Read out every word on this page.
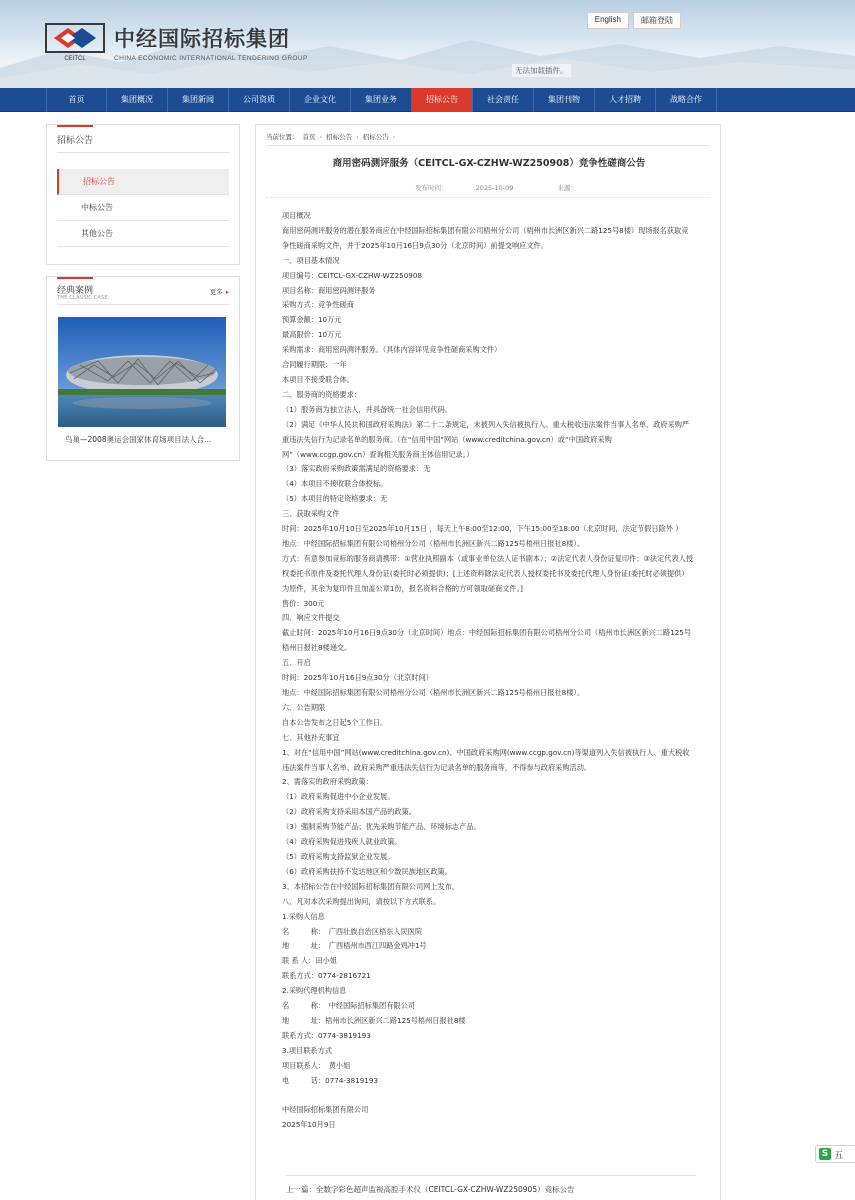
CEITCL
中经国际招标集团
CHINA ECONOMIC INTERNATIONAL TENDERING GROUP
English	邮箱登陆
无法加载插件。
首页	集团概况	集团新闻	公司资质	企业文化	集团业务	招标公告	社会责任	集团刊物	人才招聘	战略合作
招标公告
招标公告
中标公告
其他公告
经典案例
THE CLASSIC CASE
更多 ▸
鸟巢—2008奥运会国家体育场项目法人合...
当前位置： 首页 › 招标公告 › 招标公告 ›
商用密码测评服务（CEITCL-GX-CZHW-WZ250908）竞争性磋商公告
发布时间：	2025-10-09	来源：
项目概况
商用密码测评服务的潜在服务商应在中经国际招标集团有限公司梧州分公司（梧州市长洲区新兴二路125号8楼）现场报名获取竞争性磋商采购文件，并于2025年10月16日9点30分（北京时间）前提交响应文件。
一、项目基本情况
项目编号：CEITCL-GX-CZHW-WZ250908
项目名称：商用密码测评服务
采购方式：竞争性磋商
预算金额：10万元
最高限价：10万元
采购需求：商用密码测评服务。（具体内容详见竞争性磋商采购文件）
合同履行期限：一年
本项目不接受联合体。
二、服务商的资格要求：
（1）服务商为独立法人，并具备统一社会信用代码。
（2）满足《中华人民共和国政府采购法》第二十二条规定，未被列入失信被执行人、重大税收违法案件当事人名单、政府采购严重违法失信行为记录名单的服务商。（在“信用中国”网站（www.creditchina.gov.cn）或“中国政府采购网”（www.ccgp.gov.cn）查询相关服务商主体信用记录。）
（3）落实政府采购政策需满足的资格要求：无
（4）本项目不接收联合体投标。
（5）本项目的特定资格要求：无
三、获取采购文件
时间：2025年10月10日至2025年10月15日 ，每天上午8:00至12:00，下午15:00至18:00（北京时间，法定节假日除外 ）
地点：中经国际招标集团有限公司梧州分公司（梧州市长洲区新兴二路125号梧州日报社8楼）。
方式：有意参加竞标的服务商请携带：①营业执照副本（或事业单位法人证书副本）；②法定代表人身份证复印件；③法定代表人授权委托书原件及委托代理人身份证(委托时必须提供)；[上述资料除法定代表人授权委托书及委托代理人身份证(委托时必须提供）为原件，其余为复印件且加盖公章1份，报名资料合格的方可领取磋商文件。]
售价：300元
四、响应文件提交
截止时间：2025年10月16日9点30分（北京时间）地点：中经国际招标集团有限公司梧州分公司（梧州市长洲区新兴二路125号梧州日报社8楼递交。
五、开启
时间：2025年10月16日9点30分（北京时间）
地点：中经国际招标集团有限公司梧州分公司（梧州市长洲区新兴二路125号梧州日报社8楼）。
六、公告期限
自本公告发布之日起5个工作日。
七、其他补充事宜
1、对在“信用中国”网站(www.creditchina.gov.cn)、中国政府采购网(www.ccgp.gov.cn)等渠道列入失信被执行人、重大税收违法案件当事人名单、政府采购严重违法失信行为记录名单的服务商等，不得参与政府采购活动。
2、需落实的政府采购政策：
（1）政府采购促进中小企业发展。
（2）政府采购支持采用本国产品的政策。
（3）强制采购节能产品；优先采购节能产品、环境标志产品。
（4）政府采购促进残疾人就业政策。
（5）政府采购支持监狱企业发展。
（6）政府采购扶持不发达地区和少数民族地区政策。
3、本招标公告在中经国际招标集团有限公司网上发布。
八、凡对本次采购提出询问，请按以下方式联系。
1.采购人信息
名　　　称：　广西壮族自治区梧东人民医院
地　　　址：　广西梧州市西江四路金鸡冲1号
联 系 人：田小姐
联系方式：0774-2816721
2.采购代理机构信息
名　　　称：　中经国际招标集团有限公司
地　　　址：梧州市长洲区新兴二路125号梧州日报社8楼
联系方式：0774-3819193
3.项目联系方式
项目联系人：　黄小姐
电　　　话：0774-3819193
中经国际招标集团有限公司
2025年10月9日
上一篇：全数字彩色超声监视高腔手术仪（CEITCL-GX-CZHW-WZ250905）竞标公告
S 五
